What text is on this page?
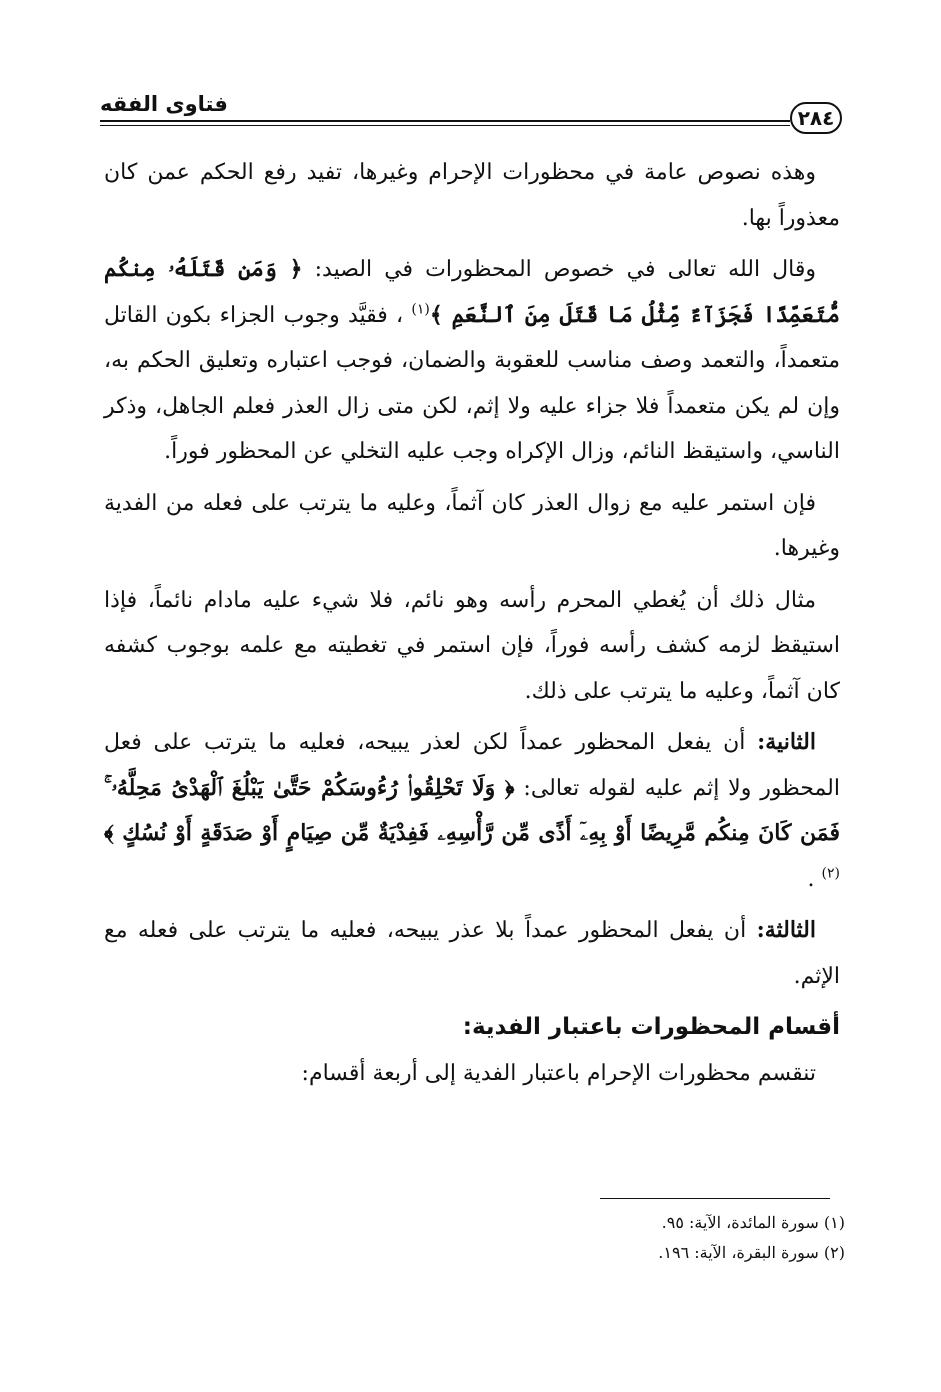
فتاوى الفقه
٢٨٤

وهذه نصوص عامة في محظورات الإحرام وغيرها، تفيد رفع الحكم عمن كان معذوراً بها.

وقال الله تعالى في خصوص المحظورات في الصيد: ﴿ وَمَن قَتَلَهُۥ مِنكُم مُّتَعَمِّدًا فَجَزَآءٌ مِّثْلُ مَا قَتَلَ مِنَ ٱلنَّعَمِ ﴾$^{(١)}$ ، فقيَّد وجوب الجزاء بكون القاتل متعمداً، والتعمد وصف مناسب للعقوبة والضمان، فوجب اعتباره وتعليق الحكم به، وإن لم يكن متعمداً فلا جزاء عليه ولا إثم، لكن متى زال العذر فعلم الجاهل، وذكر الناسي، واستيقظ النائم، وزال الإكراه وجب عليه التخلي عن المحظور فوراً.

فإن استمر عليه مع زوال العذر كان آثماً، وعليه ما يترتب على فعله من الفدية وغيرها.

مثال ذلك أن يُغطي المحرم رأسه وهو نائم، فلا شيء عليه مادام نائماً، فإذا استيقظ لزمه كشف رأسه فوراً، فإن استمر في تغطيته مع علمه بوجوب كشفه كان آثماً، وعليه ما يترتب على ذلك.

الثانية: أن يفعل المحظور عمداً لكن لعذر يبيحه، فعليه ما يترتب على فعل المحظور ولا إثم عليه لقوله تعالى: ﴿ وَلَا تَحْلِقُوا۟ رُءُوسَكُمْ حَتَّىٰ يَبْلُغَ ٱلْهَدْىُ مَحِلَّهُۥ ۚ فَمَن كَانَ مِنكُم مَّرِيضًا أَوْ بِهِۦٓ أَذًى مِّن رَّأْسِهِۦ فَفِدْيَةٌ مِّن صِيَامٍ أَوْ صَدَقَةٍ أَوْ نُسُكٍ ﴾$^{(٢)}$ .

الثالثة: أن يفعل المحظور عمداً بلا عذر يبيحه، فعليه ما يترتب على فعله مع الإثم.

أقسام المحظورات باعتبار الفدية:

تنقسم محظورات الإحرام باعتبار الفدية إلى أربعة أقسام:

(١) سورة المائدة، الآية: ٩٥.

(٢) سورة البقرة، الآية: ١٩٦.
